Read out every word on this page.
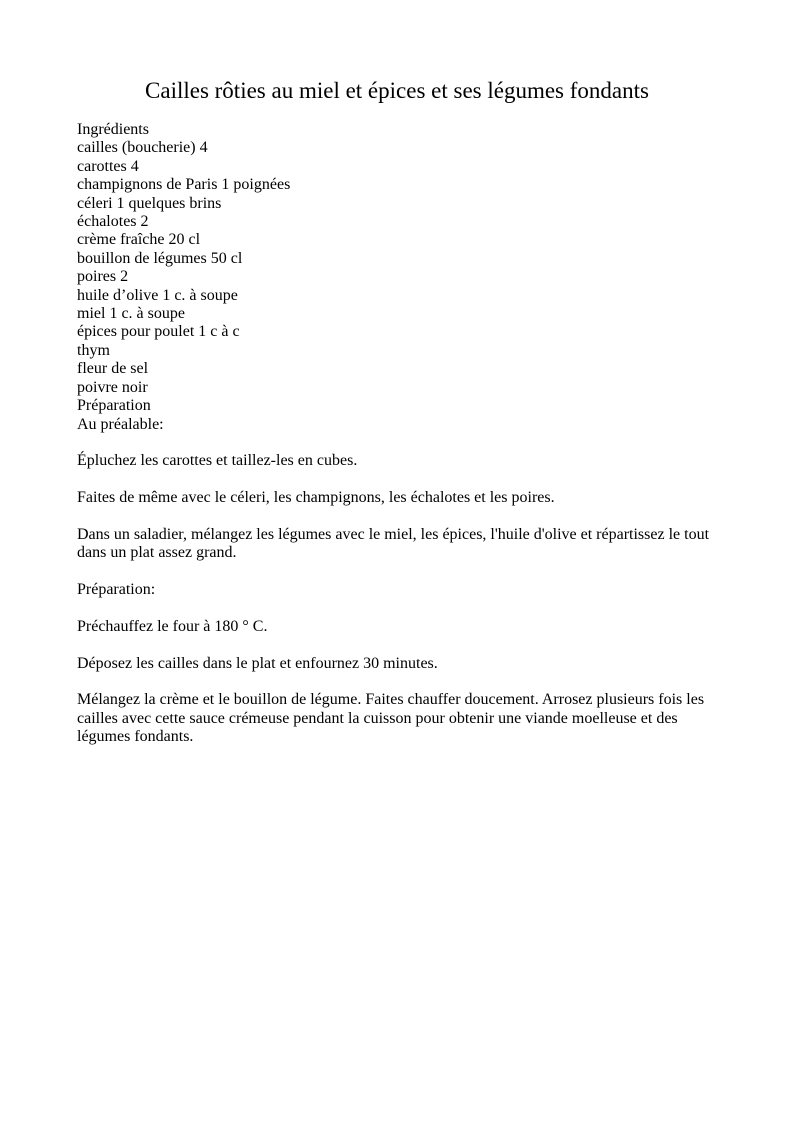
Cailles rôties au miel et épices et ses légumes fondants
Ingrédients
cailles (boucherie) 4
carottes 4
champignons de Paris 1 poignées
céleri 1 quelques brins
échalotes 2
crème fraîche 20 cl
bouillon de légumes 50 cl
poires 2
huile d’olive 1 c. à soupe
miel 1 c. à soupe
épices pour poulet 1 c à c
thym
fleur de sel
poivre noir
Préparation
Au préalable:

Épluchez les carottes et taillez-les en cubes.

Faites de même avec le céleri, les champignons, les échalotes et les poires.

Dans un saladier, mélangez les légumes avec le miel, les épices, l'huile d'olive et répartissez le tout dans un plat assez grand.

Préparation:

Préchauffez le four à 180 ° C.

Déposez les cailles dans le plat et enfournez 30 minutes.

Mélangez la crème et le bouillon de légume. Faites chauffer doucement. Arrosez plusieurs fois les cailles avec cette sauce crémeuse pendant la cuisson pour obtenir une viande moelleuse et des légumes fondants.
